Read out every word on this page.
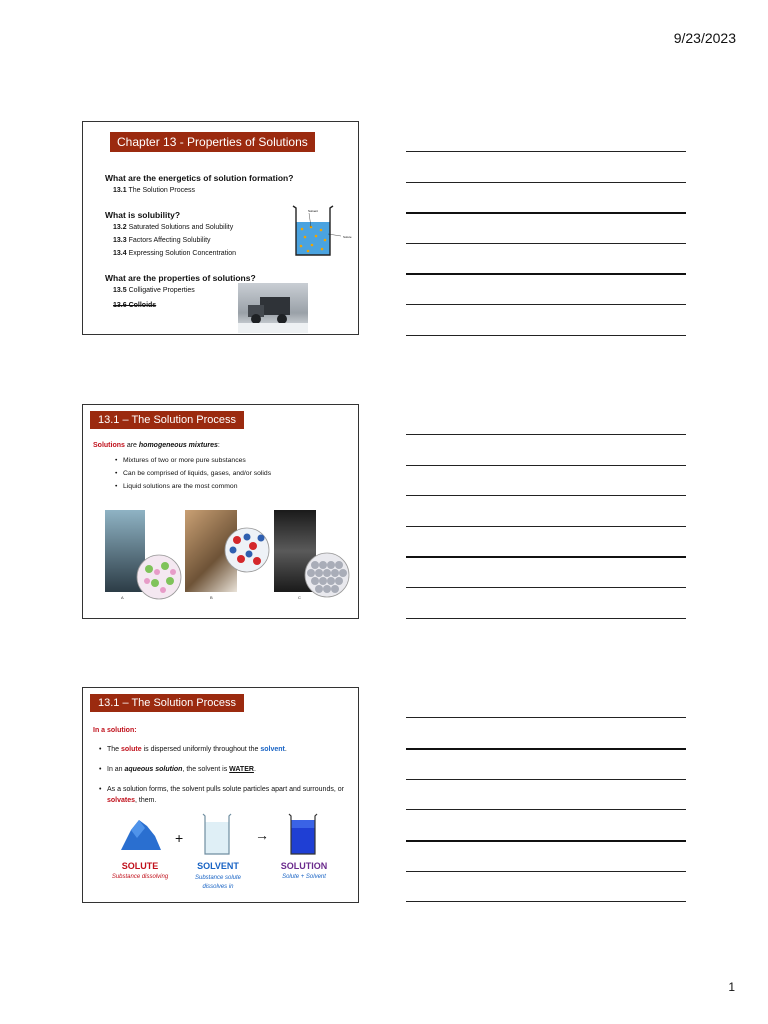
9/23/2023
Chapter 13 - Properties of Solutions
What are the energetics of solution formation?
13.1 The Solution Process
What is solubility?
13.2 Saturated Solutions and Solubility
13.3 Factors Affecting Solubility
13.4 Expressing Solution Concentration
What are the properties of solutions?
13.5 Colligative Properties
13.6 Colloids
Solvent
Solute
13.1 – The Solution Process
Solutions are homogeneous mixtures:
• Mixtures of two or more pure substances
• Can be comprised of liquids, gases, and/or solids
• Liquid solutions are the most common
A	B	C
13.1 – The Solution Process
In a solution:
• The solute is dispersed uniformly throughout the solvent.
• In an aqueous solution, the solvent is WATER.
• As a solution forms, the solvent pulls solute particles apart and surrounds, or solvates, them.
+	→
SOLUTE
Substance dissolving
SOLVENT
Substance solute dissolves in
SOLUTION
Solute + Solvent
1
